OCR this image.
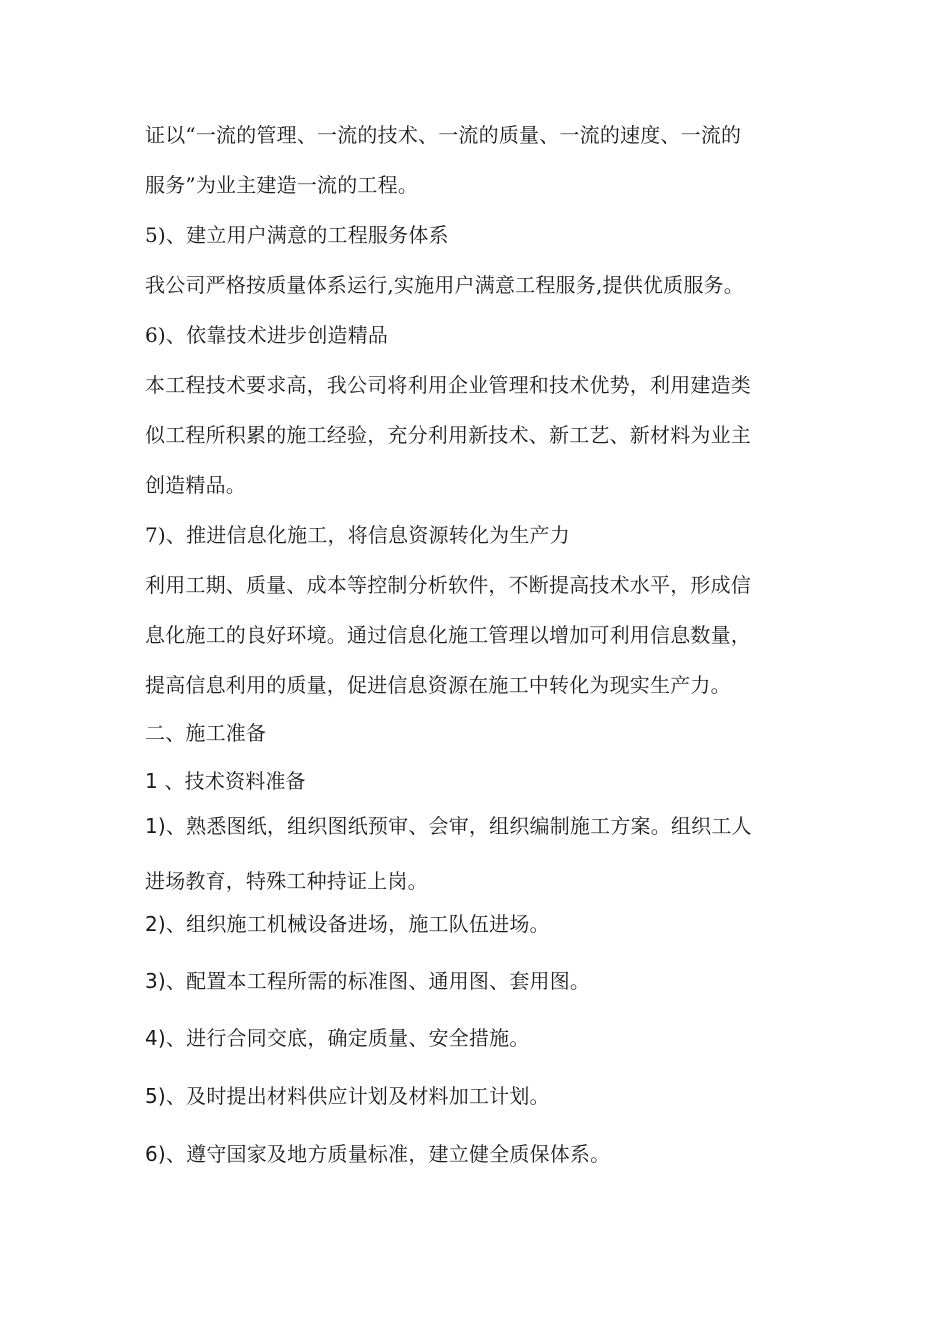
证以“一流的管理、一流的技术、一流的质量、一流的速度、一流的
服务”为业主建造一流的工程。
5)、建立用户满意的工程服务体系
我公司严格按质量体系运行,实施用户满意工程服务,提供优质服务。
6)、依靠技术进步创造精品
本工程技术要求高，我公司将利用企业管理和技术优势，利用建造类
似工程所积累的施工经验，充分利用新技术、新工艺、新材料为业主
创造精品。
7)、推进信息化施工，将信息资源转化为生产力
利用工期、质量、成本等控制分析软件，不断提高技术水平，形成信
息化施工的良好环境。通过信息化施工管理以增加可利用信息数量，
提高信息利用的质量，促进信息资源在施工中转化为现实生产力。
二、施工准备
1 、技术资料准备
1)、熟悉图纸，组织图纸预审、会审，组织编制施工方案。组织工人
进场教育，特殊工种持证上岗。
2)、组织施工机械设备进场，施工队伍进场。
3)、配置本工程所需的标准图、通用图、套用图。
4)、进行合同交底，确定质量、安全措施。
5)、及时提出材料供应计划及材料加工计划。
6)、遵守国家及地方质量标准，建立健全质保体系。
